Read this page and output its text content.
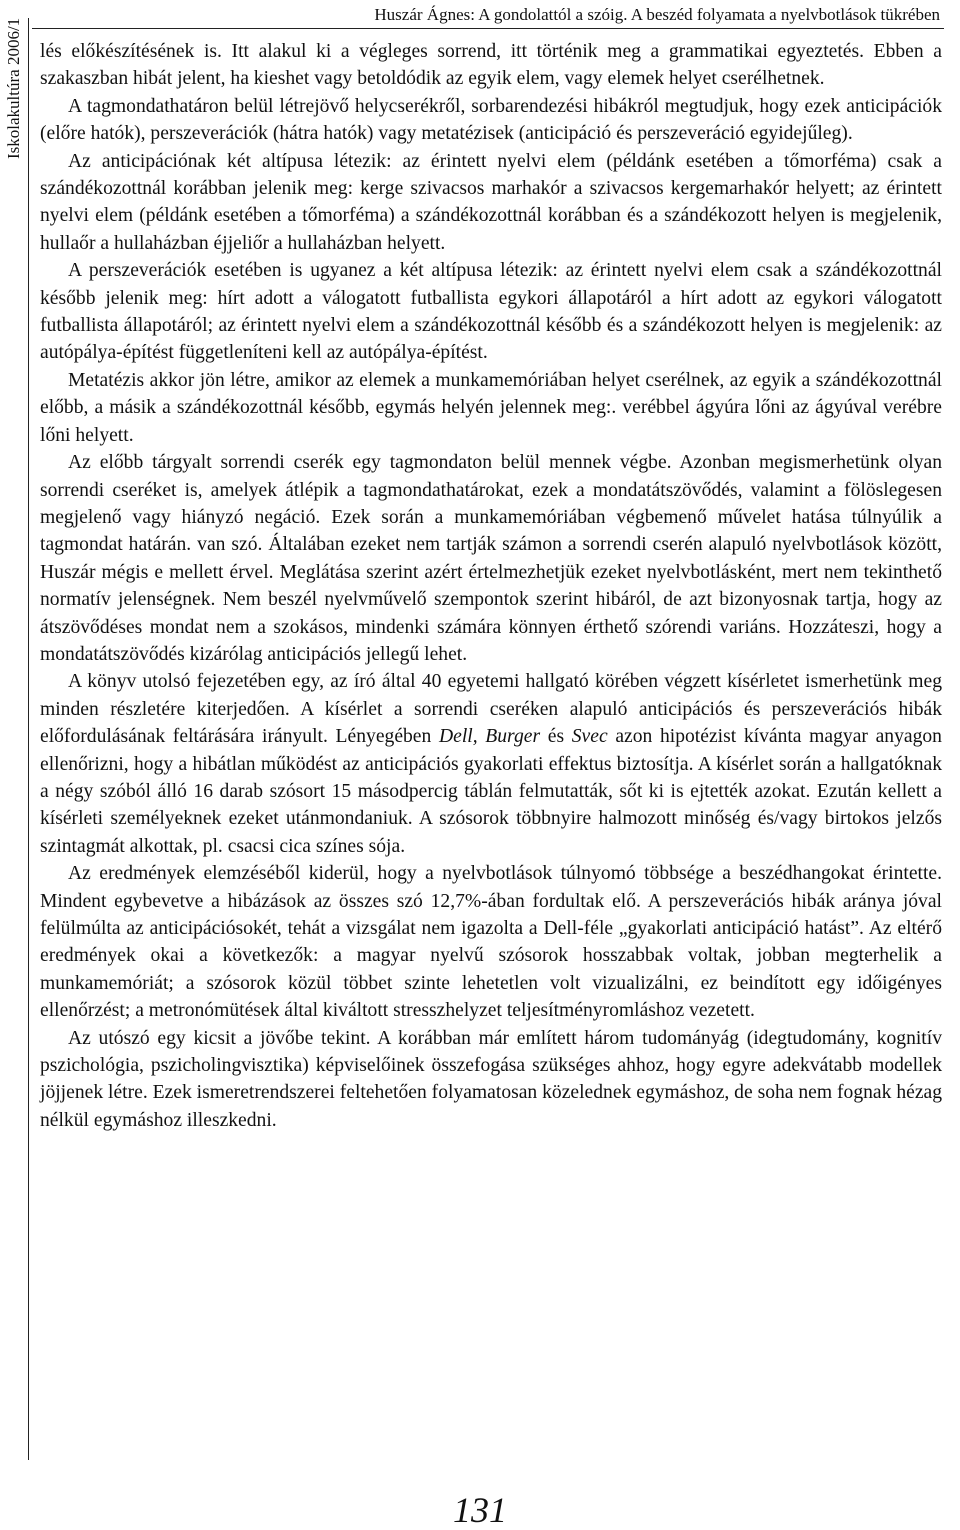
Huszár Ágnes: A gondolattól a szóig. A beszéd folyamata a nyelvbotlások tükrében
Iskolakultúra 2006/1 lés előkészítésének is. Itt alakul ki a végleges sorrend, itt történik meg a grammatikai egyeztetés. Ebben a szakaszban hibát jelent, ha kieshet vagy betoldódik az egyik elem, vagy elemek helyet cserélhetnek.

A tagmondathatáron belül létrejövő helycserékről, sorbarendezési hibákról megtudjuk, hogy ezek anticipációk (előre hatók), perszeverációk (hátra hatók) vagy metatézisek (anticipáció és perszeveráció egyidejűleg).

Az anticipációnak két altípusa létezik: az érintett nyelvi elem (példánk esetében a tőmorféma) csak a szándékozottnál korábban jelenik meg: kerge szivacsos marhakór a szivacsos kergemarhakór helyett; az érintett nyelvi elem (példánk esetében a tőmorféma) a szándékozottnál korábban és a szándékozott helyen is megjelenik, hullaőr a hullaházban éjjeliőr a hullaházban helyett.

A perszeverációk esetében is ugyanez a két altípusa létezik: az érintett nyelvi elem csak a szándékozottnál később jelenik meg: hírt adott a válogatott futballista egykori állapotáról a hírt adott az egykori válogatott futballista állapotáról; az érintett nyelvi elem a szándékozottnál később és a szándékozott helyen is megjelenik: az autópálya-építést függetleníteni kell az autópálya-építést.

Metatézis akkor jön létre, amikor az elemek a munkamemóriában helyet cserélnek, az egyik a szándékozottnál előbb, a másik a szándékozottnál később, egymás helyén jelennek meg:. verébbel ágyúra lőni az ágyúval verébre lőni helyett.

Az előbb tárgyalt sorrendi cserék egy tagmondaton belül mennek végbe. Azonban megismerhetünk olyan sorrendi cseréket is, amelyek átlépik a tagmondathatárokat, ezek a mondatátszövődés, valamint a fölöslegesen megjelenő vagy hiányzó negáció. Ezek során a munkamemóriában végbemenő művelet hatása túlnyúlik a tagmondat határán. van szó. Általában ezeket nem tartják számon a sorrendi cserén alapuló nyelvbotlások között, Huszár mégis e mellett érvel. Meglátása szerint azért értelmezhetjük ezeket nyelvbotlásként, mert nem tekinthető normatív jelenségnek. Nem beszél nyelvművelő szempontok szerint hibáról, de azt bizonyosnak tartja, hogy az átszövődéses mondat nem a szokásos, mindenki számára könnyen érthető szórendi variáns. Hozzáteszi, hogy a mondatátszövődés kizárólag anticipációs jellegű lehet.

A könyv utolsó fejezetében egy, az író által 40 egyetemi hallgató körében végzett kísérletet ismerhetünk meg minden részletére kiterjedően. A kísérlet a sorrendi cseréken alapuló anticipációs és perszeverációs hibák előfordulásának feltárására irányult. Lényegében Dell, Burger és Svec azon hipotézist kívánta magyar anyagon ellenőrizni, hogy a hibátlan működést az anticipációs gyakorlati effektus biztosítja. A kísérlet során a hallgatóknak a négy szóból álló 16 darab szósort 15 másodpercig táblán felmutatták, sőt ki is ejtették azokat. Ezután kellett a kísérleti személyeknek ezeket utánmondaniuk. A szósorok többnyire halmozott minőség és/vagy birtokos jelzős szintagmát alkottak, pl. csacsi cica színes sója.

Az eredmények elemzéséből kiderül, hogy a nyelvbotlások túlnyomó többsége a beszédhangokat érintette. Mindent egybevetve a hibázások az összes szó 12,7%-ában fordultak elő. A perszeverációs hibák aránya jóval felülmúlta az anticipációsokét, tehát a vizsgálat nem igazolta a Dell-féle „gyakorlati anticipáció hatást”. Az eltérő eredmények okai a következők: a magyar nyelvű szósorok hosszabbak voltak, jobban megterhelik a munkamemóriát; a szósorok közül többet szinte lehetetlen volt vizualizálni, ez beindított egy időigényes ellenőrzést; a metronómütések által kiváltott stresszhelyzet teljesítményromláshoz vezetett.

Az utószó egy kicsit a jövőbe tekint. A korábban már említett három tudományág (idegtudomány, kognitív pszichológia, pszicholingvisztika) képviselőinek összefogása szükséges ahhoz, hogy egyre adekvátabb modellek jöjjenek létre. Ezek ismeretrendszerei feltehetően folyamatosan közelednek egymáshoz, de soha nem fognak hézag nélkül egymáshoz illeszkedni.

131
